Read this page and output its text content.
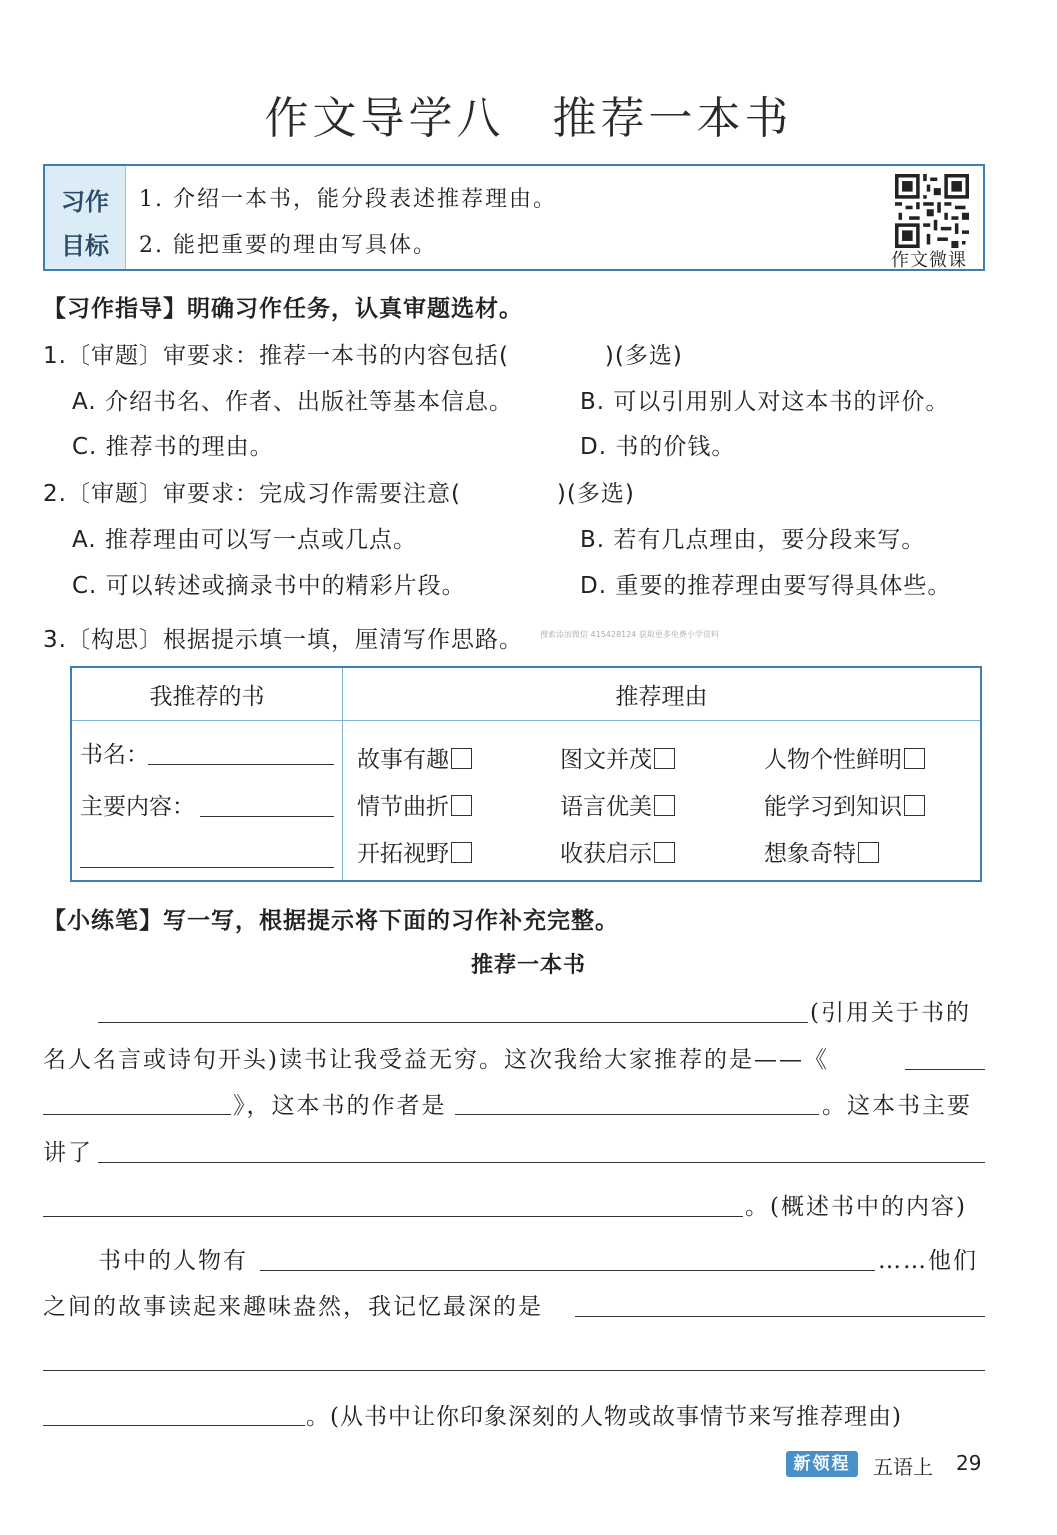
作文导学八　推荐一本书
习作
目标
1. 介绍一本书，能分段表述推荐理由。
2. 能把重要的理由写具体。
作文微课
【习作指导】明确习作任务，认真审题选材。
1.〔审题〕审要求：推荐一本书的内容包括(　　　　)(多选)
A. 介绍书名、作者、出版社等基本信息。	B. 可以引用别人对这本书的评价。
C. 推荐书的理由。	D. 书的价钱。
2.〔审题〕审要求：完成习作需要注意(　　　　)(多选)
A. 推荐理由可以写一点或几点。	B. 若有几点理由，要分段来写。
C. 可以转述或摘录书中的精彩片段。	D. 重要的推荐理由要写得具体些。
3.〔构思〕根据提示填一填，厘清写作思路。 搜索添加微信 415428124 获取更多免费小学资料
我推荐的书	推荐理由

书名：
主要内容：
故事有趣	图文并茂	人物个性鲜明
情节曲折	语言优美	能学习到知识
开拓视野	收获启示	想象奇特
【小练笔】写一写，根据提示将下面的习作补充完整。
推荐一本书
(引用关于书的
名人名言或诗句开头)读书让我受益无穷。这次我给大家推荐的是——《
》，这本书的作者是	。这本书主要
讲了
。(概述书中的内容)
书中的人物有	……他们
之间的故事读起来趣味盎然，我记忆最深的是
。(从书中让你印象深刻的人物或故事情节来写推荐理由)
新领程	五语上 29
